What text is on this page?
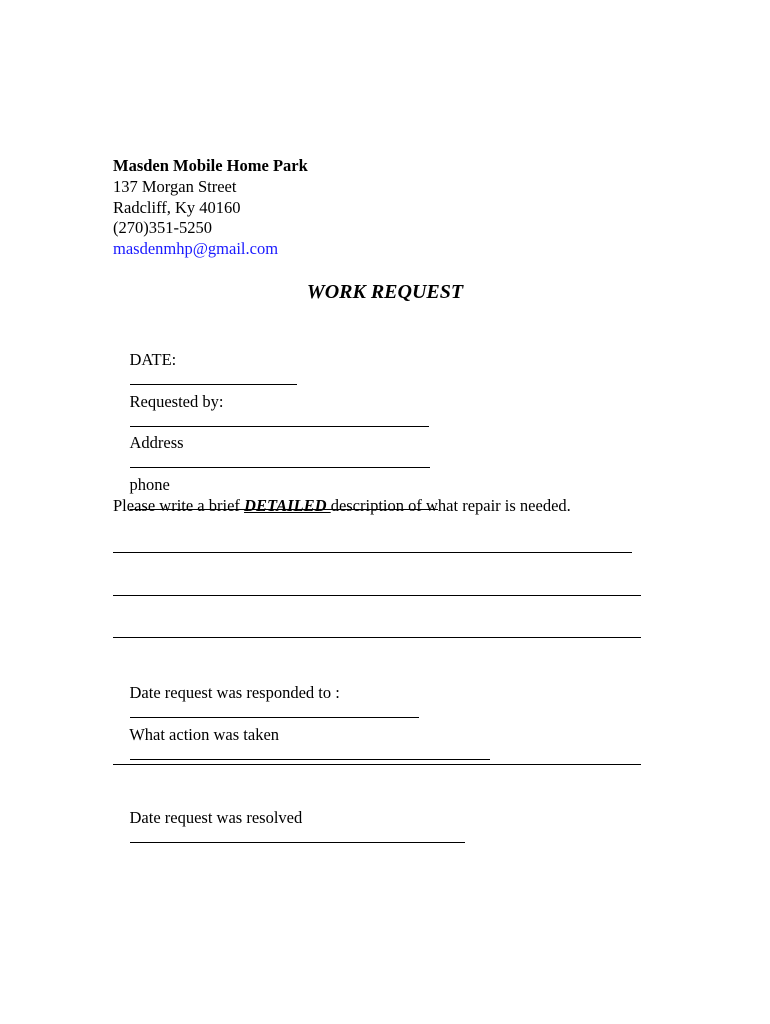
Masden Mobile Home Park
137 Morgan Street
Radcliff, Ky 40160
(270)351-5250
masdenmhp@gmail.com
WORK REQUEST

DATE:

Requested by:

Address

phone

Please write a brief DETAILED description of what repair is needed.

Date request was responded to :

What action was taken

Date request was resolved
